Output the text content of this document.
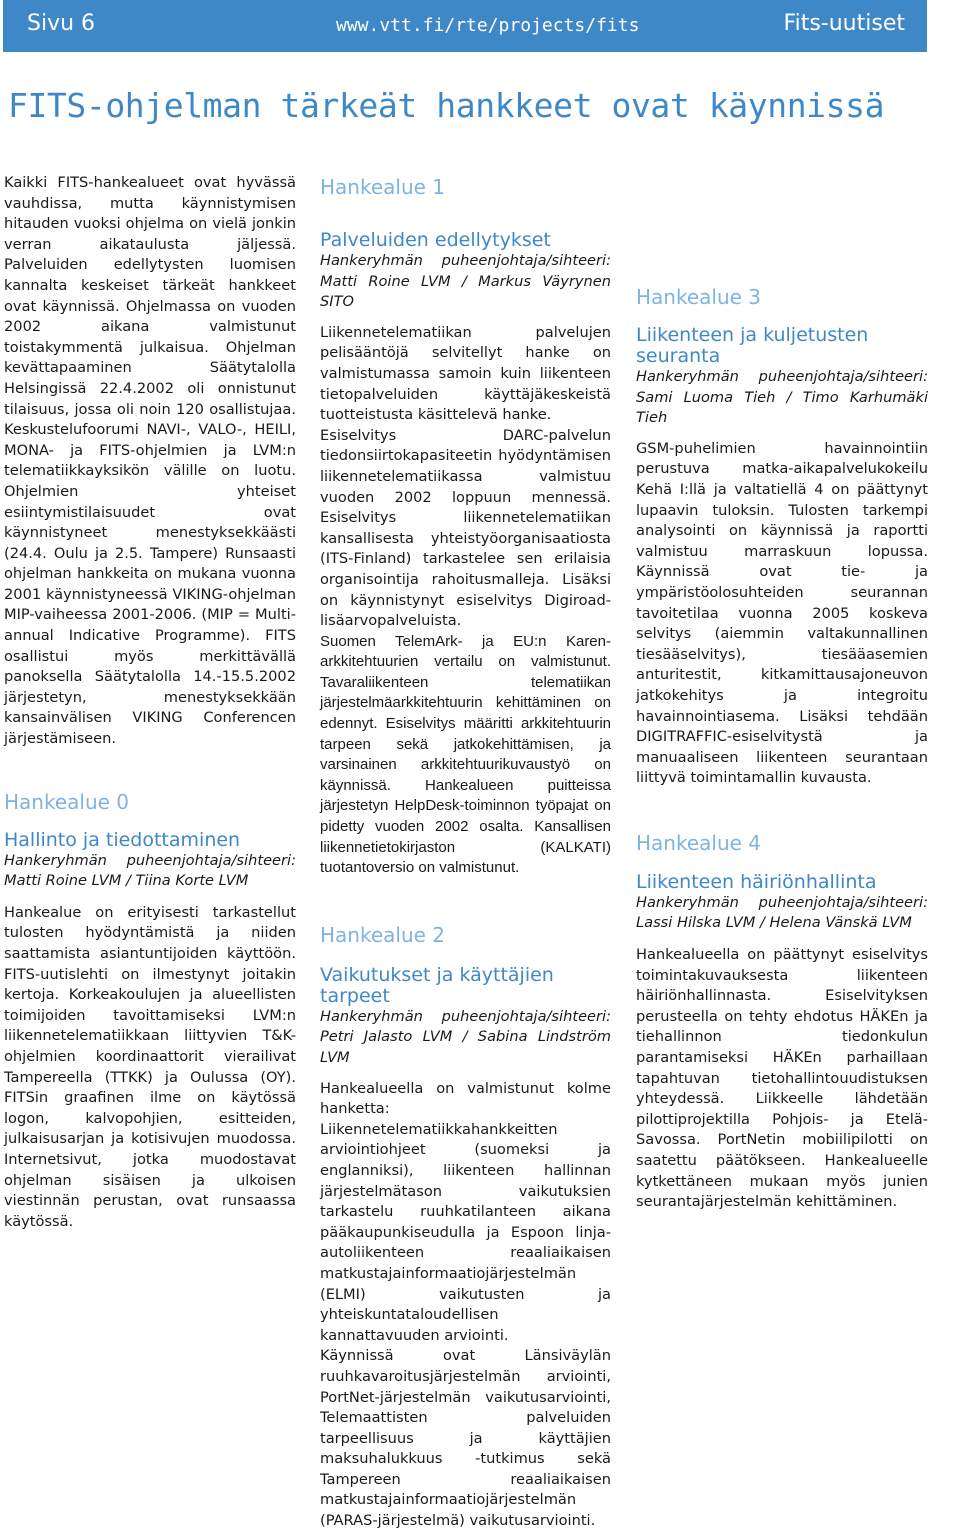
Sivu 6	www.vtt.fi/rte/projects/fits	Fits-uutiset
FITS-ohjelman tärkeät hankkeet ovat käynnissä

Kaikki FITS-hankealueet ovat hyvässä vauhdissa, mutta käynnistymisen hitauden vuoksi ohjelma on vielä jonkin verran aikataulusta jäljessä. Palveluiden edellytysten luomisen kannalta keskeiset tärkeät hankkeet ovat käynnissä. Ohjelmassa on vuoden 2002 aikana valmistunut toistakymmentä julkaisua. Ohjelman kevättapaaminen Säätytalolla Helsingissä 22.4.2002 oli onnistunut tilaisuus, jossa oli noin 120 osallistujaa. Keskustelufoorumi NAVI-, VALO-, HEILI, MONA- ja FITS-ohjelmien ja LVM:n telematiikkayksikön välille on luotu. Ohjelmien yhteiset esiintymistilaisuudet ovat käynnistyneet menestyksekkäästi (24.4. Oulu ja 2.5. Tampere) Runsaasti ohjelman hankkeita on mukana vuonna 2001 käynnistyneessä VIKING-ohjelman MIP-vaiheessa 2001-2006. (MIP = Multi-annual Indicative Programme). FITS osallistui myös merkittävällä panoksella Säätytalolla 14.-15.5.2002 järjestetyn, menestyksekkään kansainvälisen VIKING Conferencen järjestämiseen.

Hankealue 0
Hallinto ja tiedottaminen

Hankeryhmän puheenjohtaja/sihteeri: Matti Roine LVM / Tiina Korte LVM

Hankealue on erityisesti tarkastellut tulosten hyödyntämistä ja niiden saattamista asiantuntijoiden käyttöön. FITS-uutislehti on ilmestynyt joitakin kertoja. Korkeakoulujen ja alueellisten toimijoiden tavoittamiseksi LVM:n liikennetelematiikkaan liittyvien T&K-ohjelmien koordinaattorit vierailivat Tampereella (TTKK) ja Oulussa (OY). FITSin graafinen ilme on käytössä logon, kalvopohjien, esitteiden, julkaisusarjan ja kotisivujen muodossa. Internetsivut, jotka muodostavat ohjelman sisäisen ja ulkoisen viestinnän perustan, ovat runsaassa käytössä.

Hankealue 1
Palveluiden edellytykset

Hankeryhmän puheenjohtaja/sihteeri: Matti Roine LVM / Markus Väyrynen SITO

Liikennetelematiikan palvelujen pelisääntöjä selvitellyt hanke on valmistumassa samoin kuin liikenteen tietopalveluiden käyttäjäkeskeistä tuotteistusta käsittelevä hanke.

Esiselvitys DARC-palvelun tiedonsiirtokapasiteetin hyödyntämisen liikennetelematiikassa valmistuu vuoden 2002 loppuun mennessä. Esiselvitys liikennetelematiikan kansallisesta yhteistyöorganisaatiosta (ITS-Finland) tarkastelee sen erilaisia organisointija rahoitusmalleja. Lisäksi on käynnistynyt esiselvitys Digiroad-lisäarvopalveluista.

Suomen TelemArk- ja EU:n Karen-arkkitehtuurien vertailu on valmistunut. Tavaraliikenteen telematiikan järjestelmäarkkitehtuurin kehittäminen on edennyt. Esiselvitys määritti arkkitehtuurin tarpeen sekä jatkokehittämisen, ja varsinainen arkkitehtuurikuvaustyö on käynnissä. Hankealueen puitteissa järjestetyn HelpDesk-toiminnon työpajat on pidetty vuoden 2002 osalta. Kansallisen liikennetietokirjaston (KALKATI) tuotantoversio on valmistunut.

Hankealue 2
Vaikutukset ja käyttäjien tarpeet

Hankeryhmän puheenjohtaja/sihteeri: Petri Jalasto LVM / Sabina Lindström LVM

Hankealueella on valmistunut kolme hanketta: Liikennetelematiikkahankkeitten arviointiohjeet (suomeksi ja englanniksi), liikenteen hallinnan järjestelmätason vaikutuksien tarkastelu ruuhkatilanteen aikana pääkaupunkiseudulla ja Espoon linja-autoliikenteen reaaliaikaisen matkustajainformaatiojärjestelmän (ELMI) vaikutusten ja yhteiskuntataloudellisen kannattavuuden arviointi.

Käynnissä ovat Länsiväylän ruuhkavaroitusjärjestelmän arviointi, PortNet-järjestelmän vaikutusarviointi, Telemaattisten palveluiden tarpeellisuus ja käyttäjien maksuhalukkuus -tutkimus sekä Tampereen reaaliaikaisen matkustajainformaatiojärjestelmän (PARAS-järjestelmä) vaikutusarviointi.

Hankealue 3
Liikenteen ja kuljetusten seuranta

Hankeryhmän puheenjohtaja/sihteeri: Sami Luoma Tieh / Timo Karhumäki Tieh

GSM-puhelimien havainnointiin perustuva matka-aikapalvelukokeilu Kehä I:llä ja valtatiellä 4 on päättynyt lupaavin tuloksin. Tulosten tarkempi analysointi on käynnissä ja raportti valmistuu marraskuun lopussa. Käynnissä ovat tie- ja ympäristöolosuhteiden seurannan tavoitetilaa vuonna 2005 koskeva selvitys (aiemmin valtakunnallinen tiesääselvitys), tiesääasemien anturitestit, kitkamittausajoneuvon jatkokehitys ja integroitu havainnointiasema. Lisäksi tehdään DIGITRAFFIC-esiselvitystä ja manuaaliseen liikenteen seurantaan liittyvä toimintamallin kuvausta.

Hankealue 4
Liikenteen häiriönhallinta

Hankeryhmän puheenjohtaja/sihteeri: Lassi Hilska LVM / Helena Vänskä LVM

Hankealueella on päättynyt esiselvitys toimintakuvauksesta liikenteen häiriönhallinnasta. Esiselvityksen perusteella on tehty ehdotus HÄKEn ja tiehallinnon tiedonkulun parantamiseksi HÄKEn parhaillaan tapahtuvan tietohallintouudistuksen yhteydessä. Liikkeelle lähdetään pilottiprojektilla Pohjois- ja Etelä-Savossa. PortNetin mobiilipilotti on saatettu päätökseen. Hankealueelle kytkettäneen mukaan myös junien seurantajärjestelmän kehittäminen.
